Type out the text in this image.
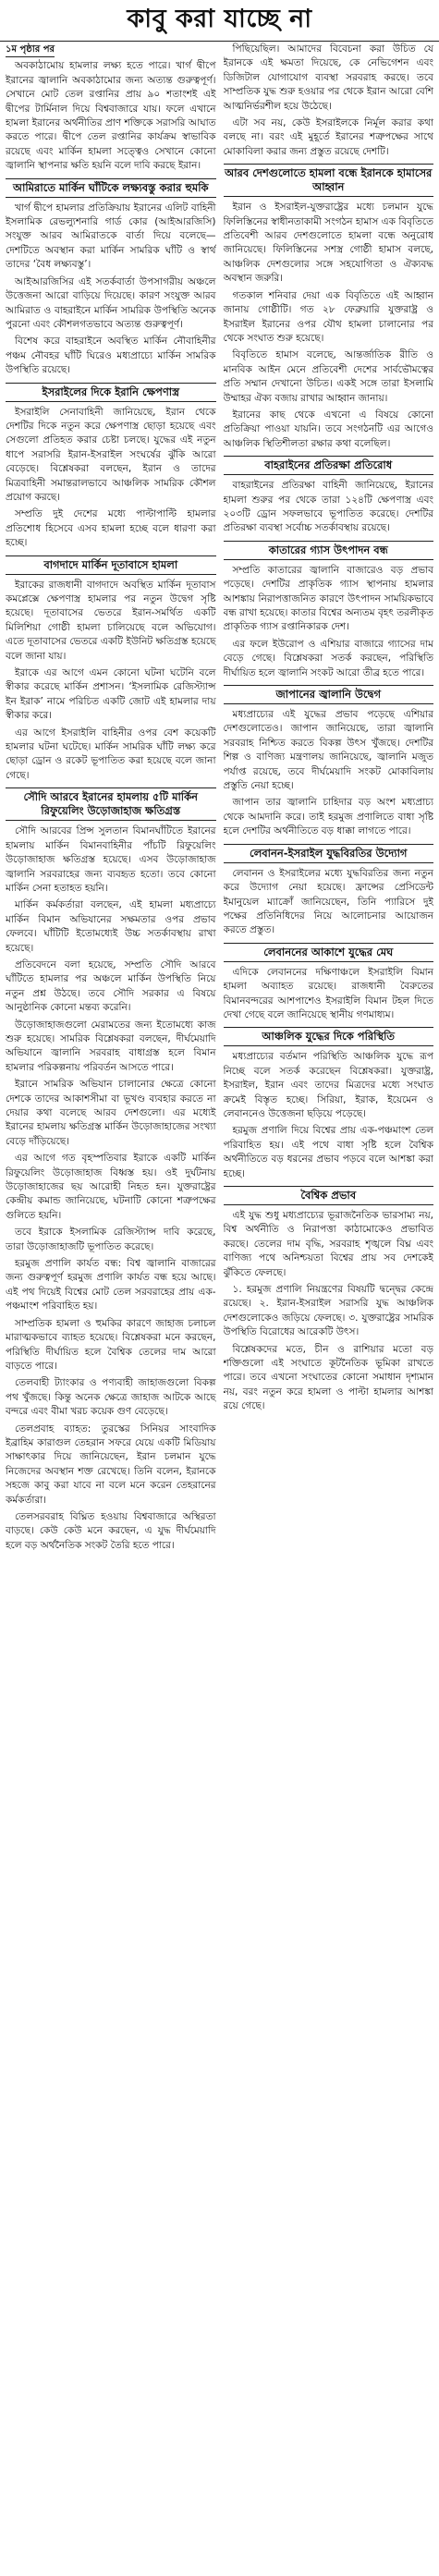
কাবু করা যাচ্ছে না
১ম পৃষ্ঠার পর

অবকাঠামোয় হামলার লক্ষ্য হতে পারে। খার্গ দ্বীপে ইরানের জ্বালানি অবকাঠামোর জন্য অত্যন্ত গুরুত্বপূর্ণ। সেখানে মোট তেল রপ্তানির প্রায় ৯০ শতাংশই এই দ্বীপের টার্মিনাল দিয়ে বিশ্ববাজারে যায়। ফলে এখানে হামলা ইরানের অর্থনীতির প্রাণ শক্তিকে সরাসরি আঘাত করতে পারে। দ্বীপে তেল রপ্তানির কার্যক্রম স্বাভাবিক রয়েছে এবং মার্কিন হামলা সত্ত্বেও সেখানে কোনো জ্বালানি স্থাপনার ক্ষতি হয়নি বলে দাবি করছে ইরান।

আমিরাতে মার্কিন ঘাঁটিকে লক্ষ্যবস্তু করার হুমকি

খার্গ দ্বীপে হামলার প্রতিক্রিয়ায় ইরানের এলিট বাহিনী ইসলামিক রেভল্যুশনারি গার্ড কোর (আইআরজিসি) সংযুক্ত আরব আমিরাতকে বার্তা দিয়ে বলেছে— দেশটিতে অবস্থান করা মার্কিন সামরিক ঘাঁটি ও স্বার্থ তাদের ‘বৈধ লক্ষ্যবস্তু’।

আইআরজিসির এই সতর্কবার্তা উপসাগরীয় অঞ্চলে উত্তেজনা আরো বাড়িয়ে দিয়েছে। কারণ সংযুক্ত আরব আমিরাত ও বাহরাইনে মার্কিন সামরিক উপস্থিতি অনেক পুরনো এবং কৌশলগতভাবে অত্যন্ত গুরুত্বপূর্ণ।

বিশেষ করে বাহরাইনে অবস্থিত মার্কিন নৌবাহিনীর পঞ্চম নৌবহর ঘাঁটি ঘিরেও মধ্যপ্রাচ্যে মার্কিন সামরিক উপস্থিতি রয়েছে।

ইসরাইলের দিকে ইরানি ক্ষেপণাস্ত্র

ইসরাইলি সেনাবাহিনী জানিয়েছে, ইরান থেকে দেশটির দিকে নতুন করে ক্ষেপণাস্ত্র ছোড়া হয়েছে এবং সেগুলো প্রতিহত করার চেষ্টা চলছে। যুদ্ধের এই নতুন ধাপে সরাসরি ইরান-ইসরাইল সংঘর্ষের ঝুঁকি আরো বেড়েছে। বিশ্লেষকরা বলছেন, ইরান ও তাদের মিত্রবাহিনী সমান্তরালভাবে আঞ্চলিক সামরিক কৌশল প্রয়োগ করছে।

সম্প্রতি দুই দেশের মধ্যে পাল্টাপাল্টি হামলার প্রতিশোধ হিসেবে এসব হামলা হচ্ছে বলে ধারণা করা হচ্ছে।

বাগদাদে মার্কিন দূতাবাসে হামলা

ইরাকের রাজধানী বাগদাদে অবস্থিত মার্কিন দূতাবাস কমপ্লেক্সে ক্ষেপণাস্ত্র হামলার পর নতুন উদ্বেগ সৃষ্টি হয়েছে। দূতাবাসের ভেতরে ইরান-সমর্থিত একটি মিলিশিয়া গোষ্ঠী হামলা চালিয়েছে বলে অভিযোগ। এতে দূতাবাসের ভেতরে একটি ইউনিট ক্ষতিগ্রস্ত হয়েছে বলে জানা যায়।

ইরাকে এর আগে এমন কোনো ঘটনা ঘটেনি বলে স্বীকার করেছে মার্কিন প্রশাসন। ‘ইসলামিক রেজিস্ট্যান্স ইন ইরাক’ নামে পরিচিত একটি জোট এই হামলার দায় স্বীকার করে।

এর আগে ইসরাইলি বাহিনীর ওপর বেশ কয়েকটি হামলার ঘটনা ঘটেছে। মার্কিন সামরিক ঘাঁটি লক্ষ্য করে ছোড়া ড্রোন ও রকেট ভূপাতিত করা হয়েছে বলে জানা গেছে।

সৌদি আরবে ইরানের হামলায় ৫টি মার্কিন রিফুয়েলিং উড়োজাহাজ ক্ষতিগ্রস্ত

সৌদি আরবের প্রিন্স সুলতান বিমানঘাঁটিতে ইরানের হামলায় মার্কিন বিমানবাহিনীর পাঁচটি রিফুয়েলিং উড়োজাহাজ ক্ষতিগ্রস্ত হয়েছে। এসব উড়োজাহাজ জ্বালানি সরবরাহের জন্য ব্যবহৃত হতো। তবে কোনো মার্কিন সেনা হতাহত হয়নি।

মার্কিন কর্মকর্তারা বলছেন, এই হামলা মধ্যপ্রাচ্যে মার্কিন বিমান অভিযানের সক্ষমতার ওপর প্রভাব ফেলবে। ঘাঁটিটি ইতোমধ্যেই উচ্চ সতর্কাবস্থায় রাখা হয়েছে।

প্রতিবেদনে বলা হয়েছে, সম্প্রতি সৌদি আরবে ঘাঁটিতে হামলার পর অঞ্চলে মার্কিন উপস্থিতি নিয়ে নতুন প্রশ্ন উঠছে। তবে সৌদি সরকার এ বিষয়ে আনুষ্ঠানিক কোনো মন্তব্য করেনি।

উড়োজাহাজগুলো মেরামতের জন্য ইতোমধ্যে কাজ শুরু হয়েছে। সামরিক বিশ্লেষকরা বলছেন, দীর্ঘমেয়াদি অভিযানে জ্বালানি সরবরাহ বাধাগ্রস্ত হলে বিমান হামলার পরিকল্পনায় পরিবর্তন আসতে পারে।

ইরানে সামরিক অভিযান চালানোর ক্ষেত্রে কোনো দেশকে তাদের আকাশসীমা বা ভূখণ্ড ব্যবহার করতে না দেয়ার কথা বলেছে আরব দেশগুলো। এর মধ্যেই ইরানের হামলায় ক্ষতিগ্রস্ত মার্কিন উড়োজাহাজের সংখ্যা বেড়ে দাঁড়িয়েছে।

এর আগে গত বৃহস্পতিবার ইরাকে একটি মার্কিন রিফুয়েলিং উড়োজাহাজ বিধ্বস্ত হয়। ওই দুর্ঘটনায় উড়োজাহাজের ছয় আরোহী নিহত হন। যুক্তরাষ্ট্রের কেন্দ্রীয় কমান্ড জানিয়েছে, ঘটনাটি কোনো শত্রুপক্ষের গুলিতে হয়নি।

তবে ইরাকে ইসলামিক রেজিস্ট্যান্স দাবি করেছে, তারা উড়োজাহাজটি ভূপাতিত করেছে।

হরমুজ প্রণালি কার্যত বন্ধ: বিশ্ব জ্বালানি বাজারের জন্য গুরুত্বপূর্ণ হরমুজ প্রণালি কার্যত বন্ধ হয়ে আছে। এই পথ দিয়েই বিশ্বের মোট তেল সরবরাহের প্রায় এক-পঞ্চমাংশ পরিবাহিত হয়।

সাম্প্রতিক হামলা ও হুমকির কারণে জাহাজ চলাচল মারাত্মকভাবে ব্যাহত হয়েছে। বিশ্লেষকরা মনে করছেন, পরিস্থিতি দীর্ঘায়িত হলে বৈশ্বিক তেলের দাম আরো বাড়তে পারে।

তেলবাহী ট্যাংকার ও পণ্যবাহী জাহাজগুলো বিকল্প পথ খুঁজছে। কিন্তু অনেক ক্ষেত্রে জাহাজ আটকে আছে বন্দরে এবং বীমা খরচ কয়েক গুণ বেড়েছে।

তেলপ্রবাহ ব্যাহত: তুরস্কের সিনিয়র সাংবাদিক ইব্রাহিম কারাগুল তেহরান সফরে যেয়ে একটি মিডিয়ায় সাক্ষাৎকার দিয়ে জানিয়েছেন, ইরান চলমান যুদ্ধে নিজেদের অবস্থান শক্ত রেখেছে। তিনি বলেন, ইরানকে সহজে কাবু করা যাবে না বলে মনে করেন তেহরানের কর্মকর্তারা।

তেলসরবরাহ বিঘ্নিত হওয়ায় বিশ্ববাজারে অস্থিরতা বাড়ছে। কেউ কেউ মনে করছেন, এ যুদ্ধ দীর্ঘমেয়াদি হলে বড় অর্থনৈতিক সংকট তৈরি হতে পারে।

পিছিয়েছিল। আমাদের বিবেচনা করা উচিত যে ইরানকে এই ক্ষমতা দিয়েছে, কে নেভিগেশন এবং ডিজিটাল যোগাযোগ ব্যবস্থা সরবরাহ করছে। তবে সাম্প্রতিক যুদ্ধ শুরু হওয়ার পর থেকে ইরান আরো বেশি আত্মনির্ভরশীল হয়ে উঠেছে।

এটা সব নয়, কেউ ইসরাইলকে নির্মূল করার কথা বলছে না। বরং এই মুহূর্তে ইরানের শত্রুপক্ষের সাথে মোকাবিলা করার জন্য প্রস্তুত রয়েছে দেশটি।

আরব দেশগুলোতে হামলা বন্ধে ইরানকে হামাসের আহ্বান

ইরান ও ইসরাইল-যুক্তরাষ্ট্রের মধ্যে চলমান যুদ্ধে ফিলিস্তিনের স্বাধীনতাকামী সংগঠন হামাস এক বিবৃতিতে প্রতিবেশী আরব দেশগুলোতে হামলা বন্ধে অনুরোধ জানিয়েছে। ফিলিস্তিনের সশস্ত্র গোষ্ঠী হামাস বলছে, আঞ্চলিক দেশগুলোর সঙ্গে সহযোগিতা ও ঐক্যবদ্ধ অবস্থান জরুরি।

গতকাল শনিবার দেয়া এক বিবৃতিতে এই আহ্বান জানায় গোষ্ঠীটি। গত ২৮ ফেব্রুয়ারি যুক্তরাষ্ট্র ও ইসরাইল ইরানের ওপর যৌথ হামলা চালানোর পর থেকে সংঘাত শুরু হয়েছে।

বিবৃতিতে হামাস বলেছে, আন্তর্জাতিক রীতি ও মানবিক আইন মেনে প্রতিবেশী দেশের সার্বভৌমত্বের প্রতি সম্মান দেখানো উচিত। একই সঙ্গে তারা ইসলামি উম্মাহর ঐক্য বজায় রাখার আহ্বান জানায়।

ইরানের কাছ থেকে এখনো এ বিষয়ে কোনো প্রতিক্রিয়া পাওয়া যায়নি। তবে সংগঠনটি এর আগেও আঞ্চলিক স্থিতিশীলতা রক্ষার কথা বলেছিল।

বাহরাইনের প্রতিরক্ষা প্রতিরোধ

বাহরাইনের প্রতিরক্ষা বাহিনী জানিয়েছে, ইরানের হামলা শুরুর পর থেকে তারা ১২৪টি ক্ষেপণাস্ত্র এবং ২০৩টি ড্রোন সফলভাবে ভূপাতিত করেছে। দেশটির প্রতিরক্ষা ব্যবস্থা সর্বোচ্চ সতর্কাবস্থায় রয়েছে।

কাতারের গ্যাস উৎপাদন বন্ধ

সম্প্রতি কাতারের জ্বালানি বাজারেও বড় প্রভাব পড়েছে। দেশটির প্রাকৃতিক গ্যাস স্থাপনায় হামলার আশঙ্কায় নিরাপত্তাজনিত কারণে উৎপাদন সাময়িকভাবে বন্ধ রাখা হয়েছে। কাতার বিশ্বের অন্যতম বৃহৎ তরলীকৃত প্রাকৃতিক গ্যাস রপ্তানিকারক দেশ।

এর ফলে ইউরোপ ও এশিয়ার বাজারে গ্যাসের দাম বেড়ে গেছে। বিশ্লেষকরা সতর্ক করছেন, পরিস্থিতি দীর্ঘায়িত হলে জ্বালানি সংকট আরো তীব্র হতে পারে।

জাপানের জ্বালানি উদ্বেগ

মধ্যপ্রাচ্যের এই যুদ্ধের প্রভাব পড়েছে এশিয়ার দেশগুলোতেও। জাপান জানিয়েছে, তারা জ্বালানি সরবরাহ নিশ্চিত করতে বিকল্প উৎস খুঁজছে। দেশটির শিল্প ও বাণিজ্য মন্ত্রণালয় জানিয়েছে, জ্বালানি মজুত পর্যাপ্ত রয়েছে, তবে দীর্ঘমেয়াদি সংকট মোকাবিলায় প্রস্তুতি নেয়া হচ্ছে।

জাপান তার জ্বালানি চাহিদার বড় অংশ মধ্যপ্রাচ্য থেকে আমদানি করে। তাই হরমুজ প্রণালিতে বাধা সৃষ্টি হলে দেশটির অর্থনীতিতে বড় ধাক্কা লাগতে পারে।

লেবানন-ইসরাইল যুদ্ধবিরতির উদ্যোগ

লেবানন ও ইসরাইলের মধ্যে যুদ্ধবিরতির জন্য নতুন করে উদ্যোগ নেয়া হয়েছে। ফ্রান্সের প্রেসিডেন্ট ইমানুয়েল ম্যাক্রোঁ জানিয়েছেন, তিনি প্যারিসে দুই পক্ষের প্রতিনিধিদের নিয়ে আলোচনার আয়োজন করতে প্রস্তুত।

লেবাননের আকাশে যুদ্ধের মেঘ

এদিকে লেবাননের দক্ষিণাঞ্চলে ইসরাইলি বিমান হামলা অব্যাহত রয়েছে। রাজধানী বৈরুতের বিমানবন্দরের আশপাশেও ইসরাইলি বিমান টহল দিতে দেখা গেছে বলে জানিয়েছে স্থানীয় গণমাধ্যম।

আঞ্চলিক যুদ্ধের দিকে পরিস্থিতি

মধ্যপ্রাচ্যের বর্তমান পরিস্থিতি আঞ্চলিক যুদ্ধে রূপ নিচ্ছে বলে সতর্ক করেছেন বিশ্লেষকরা। যুক্তরাষ্ট্র, ইসরাইল, ইরান এবং তাদের মিত্রদের মধ্যে সংঘাত ক্রমেই বিস্তৃত হচ্ছে। সিরিয়া, ইরাক, ইয়েমেন ও লেবাননেও উত্তেজনা ছড়িয়ে পড়েছে।

হরমুজ প্রণালি দিয়ে বিশ্বের প্রায় এক-পঞ্চমাংশ তেল পরিবাহিত হয়। এই পথে বাধা সৃষ্টি হলে বৈশ্বিক অর্থনীতিতে বড় ধরনের প্রভাব পড়বে বলে আশঙ্কা করা হচ্ছে।

বৈশ্বিক প্রভাব

এই যুদ্ধ শুধু মধ্যপ্রাচ্যের ভূরাজনৈতিক ভারসাম্য নয়, বিশ্ব অর্থনীতি ও নিরাপত্তা কাঠামোকেও প্রভাবিত করছে। তেলের দাম বৃদ্ধি, সরবরাহ শৃঙ্খলে বিঘ্ন এবং বাণিজ্য পথে অনিশ্চয়তা বিশ্বের প্রায় সব দেশকেই ঝুঁকিতে ফেলছে।

১. হরমুজ প্রণালি নিয়ন্ত্রণের বিষয়টি দ্বন্দ্বের কেন্দ্রে রয়েছে। ২. ইরান-ইসরাইল সরাসরি যুদ্ধ আঞ্চলিক দেশগুলোকেও জড়িয়ে ফেলছে। ৩. যুক্তরাষ্ট্রের সামরিক উপস্থিতি বিরোধের আরেকটি উৎস।

বিশ্লেষকদের মতে, চীন ও রাশিয়ার মতো বড় শক্তিগুলো এই সংঘাতে কূটনৈতিক ভূমিকা রাখতে পারে। তবে এখনো সংঘাতের কোনো সমাধান দৃশ্যমান নয়, বরং নতুন করে হামলা ও পাল্টা হামলার আশঙ্কা রয়ে গেছে।
